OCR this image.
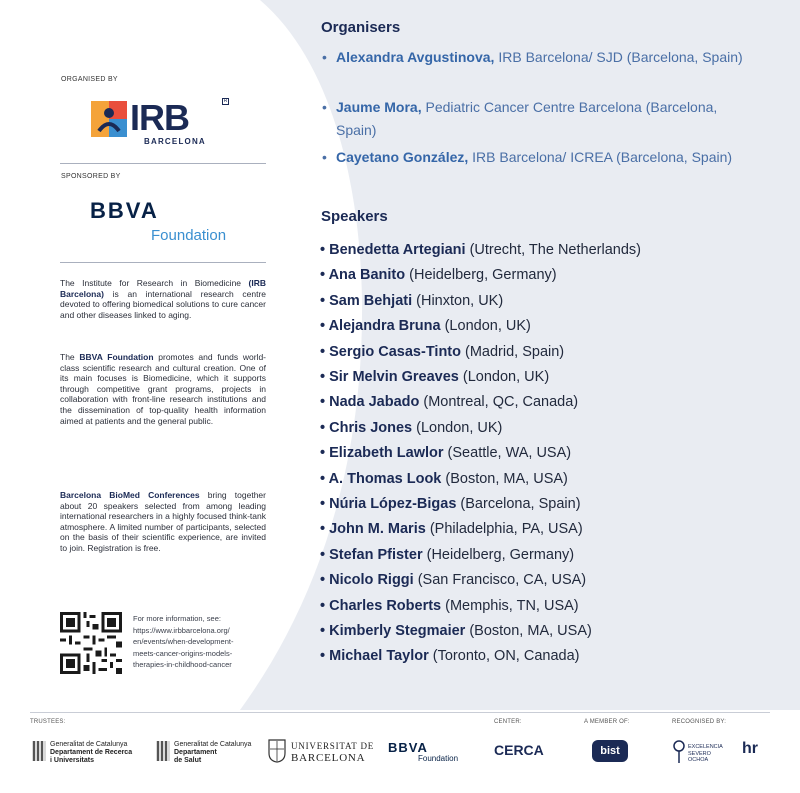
ORGANISED BY
IRB	R
BARCELONA
SPONSORED BY
BBVA
Foundation
The Institute for Research in Biomedicine (IRB Barcelona) is an international research centre devoted to offering biomedical solutions to cure cancer and other diseases linked to aging.
The BBVA Foundation promotes and funds world-class scientific research and cultural creation. One of its main focuses is Biomedicine, which it supports through competitive grant programs, projects in collaboration with front-line research institutions and the dissemination of top-quality health information aimed at patients and the general public.
Barcelona BioMed Conferences bring together about 20 speakers selected from among leading international researchers in a highly focused think-tank atmosphere. A limited number of participants, selected on the basis of their scientific experience, are invited to join. Registration is free.
For more information, see:
https://www.irbbarcelona.org/
en/events/when-development-
meets-cancer-origins-models-
therapies-in-childhood-cancer
Organisers
• Alexandra Avgustinova, IRB Barcelona/ SJD (Barcelona, Spain)
• Jaume Mora, Pediatric Cancer Centre Barcelona (Barcelona, Spain)
• Cayetano González, IRB Barcelona/ ICREA (Barcelona, Spain)
Speakers
• Benedetta Artegiani (Utrecht, The Netherlands)
• Ana Banito (Heidelberg, Germany)
• Sam Behjati (Hinxton, UK)
• Alejandra Bruna (London, UK)
• Sergio Casas-Tinto (Madrid, Spain)
• Sir Melvin Greaves (London, UK)
• Nada Jabado (Montreal, QC, Canada)
• Chris Jones (London, UK)
• Elizabeth Lawlor (Seattle, WA, USA)
• A. Thomas Look (Boston, MA, USA)
• Núria López-Bigas (Barcelona, Spain)
• John M. Maris (Philadelphia, PA, USA)
• Stefan Pfister (Heidelberg, Germany)
• Nicolo Riggi (San Francisco, CA, USA)
• Charles Roberts (Memphis, TN, USA)
• Kimberly Stegmaier (Boston, MA, USA)
• Michael Taylor (Toronto, ON, Canada)
TRUSTEES:	CENTER:	A MEMBER OF:	RECOGNISED BY:
Generalitat de Catalunya
Departament de Recerca
i Universitats
Generalitat de Catalunya
Departament
de Salut
UNIVERSITAT DE
BARCELONA
BBVA
Foundation
CERCA	bist	EXCELENCIA
SEVERO
OCHOA
hr
